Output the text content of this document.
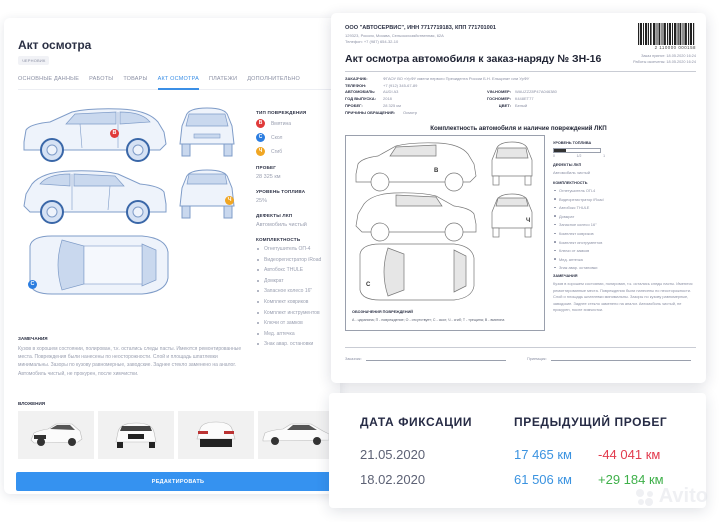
Акт осмотра
ЧЕРНОВИК
ОСНОВНЫЕ ДАННЫЕ РАБОТЫ ТОВАРЫ АКТ ОСМОТРА ПЛАТЕЖИ ДОПОЛНИТЕЛЬНО
В
Ч
С
ТИП ПОВРЕЖДЕНИЯ
В	Вмятина
С	Скол
Ч	Сгиб
ПРОБЕГ
28 325 км
УРОВЕНЬ ТОПЛИВА
25%
ДЕФЕКТЫ ЛКП
Автомобиль чистый
КОМПЛЕКТНОСТЬ
Огнетушитель ОП-4
Видеорегистратор iRoad
Автобокс THULE
Домкрат
Запасное колесо 16"
Комплект ковриков
Комплект инструментов
Ключи от замков
Мед. аптечка
Знак авар. остановки
ЗАМЕЧАНИЯ
Кузов в хорошем состоянии, полирован, т.к. остались следы пасты. Имеются ремонтированные места. Повреждения были нанесены по неосторожности. Слой и площадь шпатлевки минимальны. Зазоры по кузову равномерные, заводские. Заднее стекло заменено на аналог. Автомобиль чистый, не прокурен, после химчистки.
ВЛОЖЕНИЯ
РЕДАКТИРОВАТЬ
ООО "АВТОСЕРВИС", ИНН 7717719183, КПП 771701001
129323, Россия, Москва, Сельскохозяйственная, 62А
Телефон: +7 (987) 654-32-10
2 110000 000158
Акт осмотра автомобиля к заказ-наряду № ЗН-16	Заказ принят: 18.05.2020 16:24
Работы окончены: 18.05.2020 16:24
ЗАКАЗЧИК:	ФГАОУ ВО «УрФУ имени первого Президента России Б.Н. Ельцина» или УрФУ
ТЕЛЕФОН:	+7 (912) 345-67-89
АВТОМОБИЛЬ:	AUDI A3	VIN-НОМЕР:	WAUZZZ8P47A046380
ГОД ВЫПУСКА:	2018	ГОСНОМЕР:	К448ЕТ77
ПРОБЕГ:	28 325 км	ЦВЕТ:	Белый
ПРИЧИНЫ ОБРАЩЕНИЯ:	Осмотр
Комплектность автомобиля и наличие повреждений ЛКП
В
Ч
С
ОБОЗНАЧЕНИЯ ПОВРЕЖДЕНИЙ
А - царапина; П - повреждение; О - отсутствует; С - скол; Ч - сгиб; Т - трещина; В - вмятина
УРОВЕНЬ ТОПЛИВА
0	1/2	1
ДЕФЕКТЫ ЛКП
Автомобиль чистый
КОМПЛЕКТНОСТЬ
Огнетушитель ОП-4
Видеорегистратор iRoad
Автобокс THULE
Домкрат
Запасное колесо 16"
Комплект ковриков
Комплект инструментов
Ключи от замков
Мед. аптечка
Знак авар. остановки
ЗАМЕЧАНИЯ
Кузов в хорошем состоянии, полирован, т.к. остались следы пасты. Имеются ремонтированные места. Повреждения были нанесены по неосторожности. Слой и площадь шпатлевки минимальны. Зазоры по кузову равномерные, заводские. Заднее стекло заменено на аналог. Автомобиль чистый, не прокурен, после химчистки.
Заказчик:	Приемщик:
ДАТА ФИКСАЦИИ	ПРЕДЫДУЩИЙ ПРОБЕГ
21.05.2020	17 465 км -44 041 км
18.02.2020	61 506 км +29 184 км
Avito
